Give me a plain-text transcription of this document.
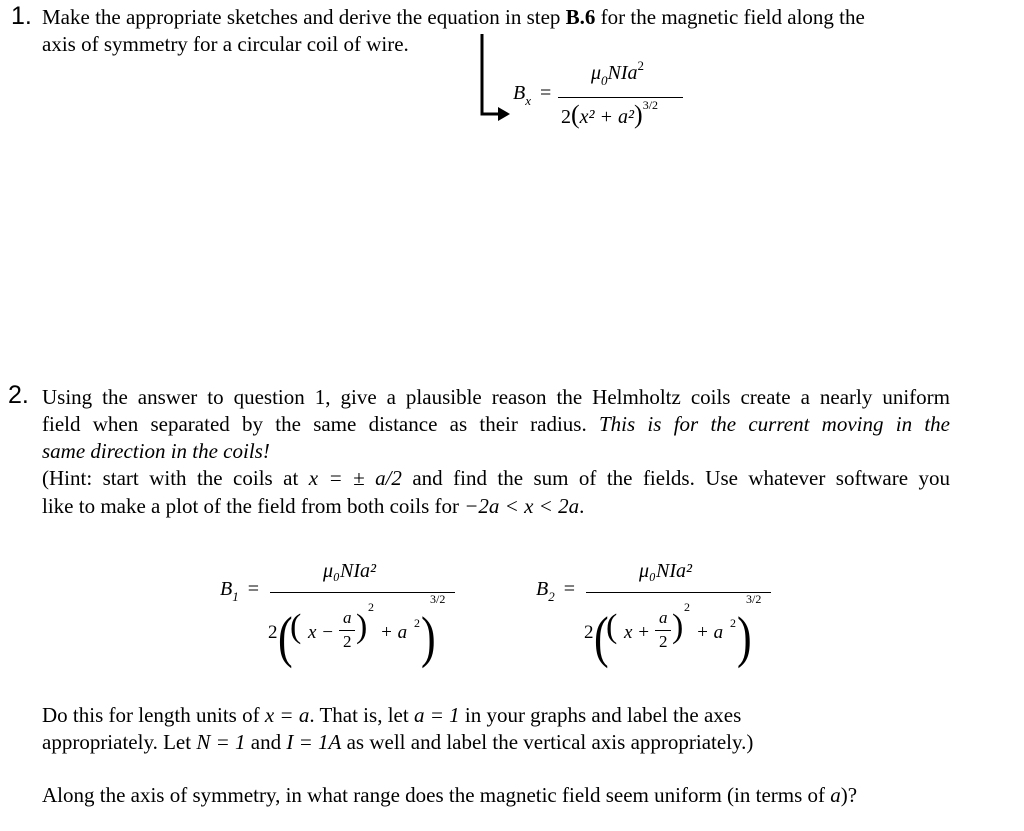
1. Make the appropriate sketches and derive the equation in step B.6 for the magnetic field along the
axis of symmetry for a circular coil of wire.
$B_x$ =
$\mu_0NIa^2$
$2(x^2 + a^2)^{3/2}$
2. Using the answer to question 1, give a plausible reason the Helmholtz coils create a nearly uniform
field when separated by the same distance as their radius. This is for the current moving in the
same direction in the coils!
(Hint: start with the coils at x = ± a/2 and find the sum of the fields. Use whatever software you
like to make a plot of the field from both coils for −2a < x < 2a.
$B_1$ =
μ₀NIa²
2 (
( x −
a
2 )
2
+ a 2 )
3/2	$B_2$ =
μ₀NIa²
2 (
( x +
a
2 )
2
+ a 2 )
3/2
Do this for length units of x = a. That is, let a = 1 in your graphs and label the axes
appropriately. Let N = 1 and I = 1A as well and label the vertical axis appropriately.)
Along the axis of symmetry, in what range does the magnetic field seem uniform (in terms of a)?
